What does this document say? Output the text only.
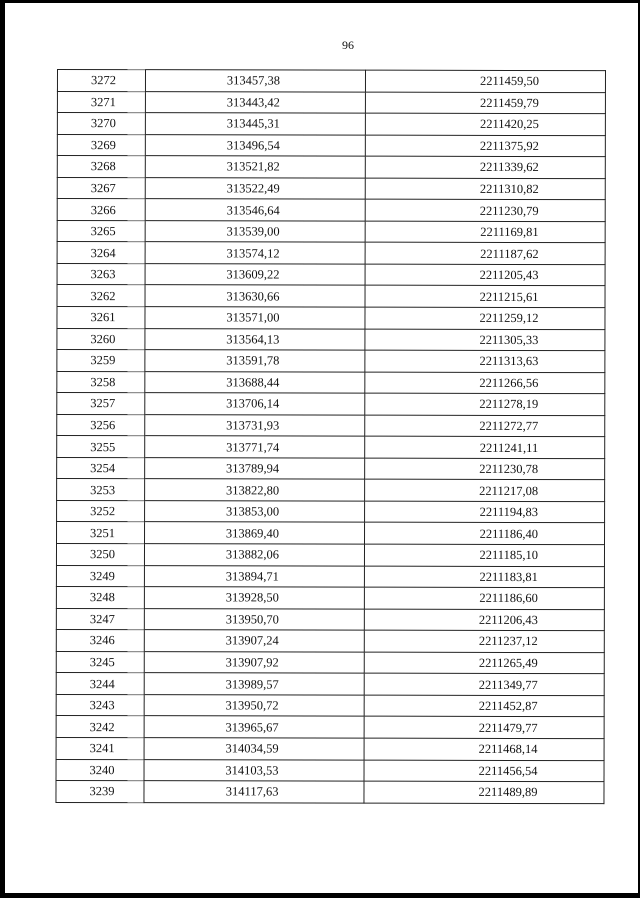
96
3272	313457,38	2211459,50
3271	313443,42	2211459,79
3270	313445,31	2211420,25
3269	313496,54	2211375,92
3268	313521,82	2211339,62
3267	313522,49	2211310,82
3266	313546,64	2211230,79
3265	313539,00	2211169,81
3264	313574,12	2211187,62
3263	313609,22	2211205,43
3262	313630,66	2211215,61
3261	313571,00	2211259,12
3260	313564,13	2211305,33
3259	313591,78	2211313,63
3258	313688,44	2211266,56
3257	313706,14	2211278,19
3256	313731,93	2211272,77
3255	313771,74	2211241,11
3254	313789,94	2211230,78
3253	313822,80	2211217,08
3252	313853,00	2211194,83
3251	313869,40	2211186,40
3250	313882,06	2211185,10
3249	313894,71	2211183,81
3248	313928,50	2211186,60
3247	313950,70	2211206,43
3246	313907,24	2211237,12
3245	313907,92	2211265,49
3244	313989,57	2211349,77
3243	313950,72	2211452,87
3242	313965,67	2211479,77
3241	314034,59	2211468,14
3240	314103,53	2211456,54
3239	314117,63	2211489,89
